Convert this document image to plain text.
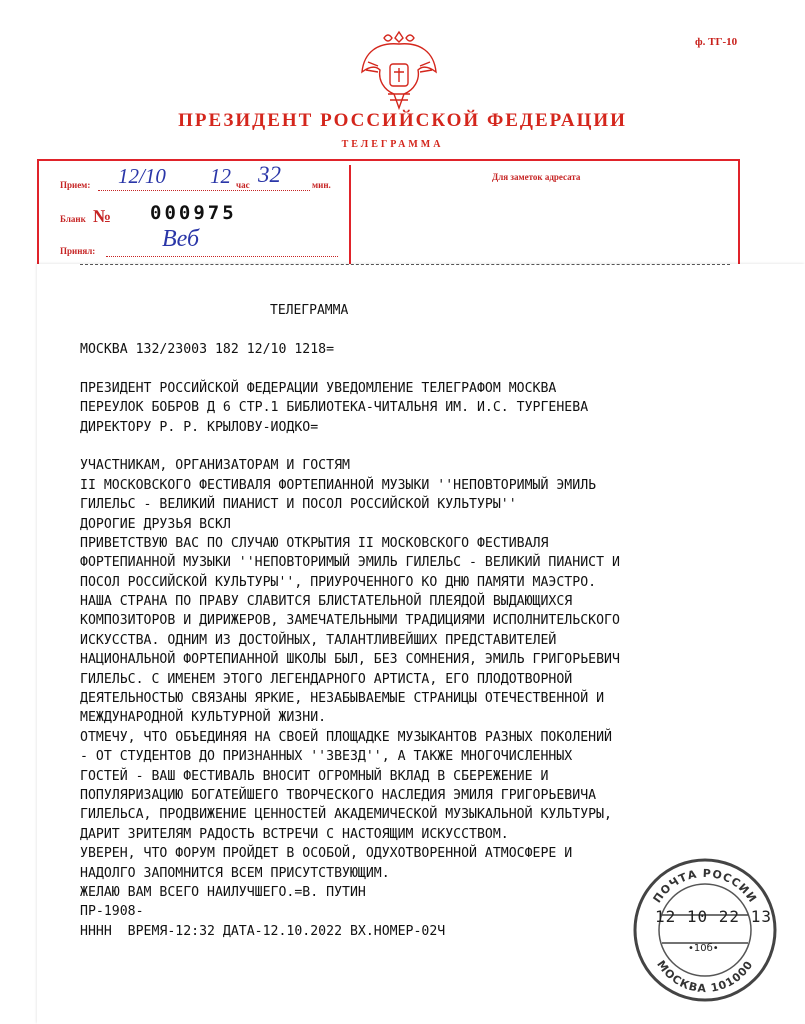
ф. ТГ-10
ПРЕЗИДЕНТ РОССИЙСКОЙ ФЕДЕРАЦИИ
ТЕЛЕГРАММА
Прием: 12/10 12 час 32	мин.
Бланк № 000975
Принял:	Веб
Для заметок адресата
ТЕЛЕГРАММА
МОСКВА 132/23003 182 12/10 1218=
ПРЕЗИДЕНТ РОССИЙСКОЙ ФЕДЕРАЦИИ УВЕДОМЛЕНИЕ ТЕЛЕГРАФОМ МОСКВА
ПЕРЕУЛОК БОБРОВ Д 6 СТР.1 БИБЛИОТЕКА-ЧИТАЛЬНЯ ИМ. И.С. ТУРГЕНЕВА
ДИРЕКТОРУ Р. Р. КРЫЛОВУ-ИОДКО=
УЧАСТНИКАМ, ОРГАНИЗАТОРАМ И ГОСТЯМ
II МОСКОВСКОГО ФЕСТИВАЛЯ ФОРТЕПИАННОЙ МУЗЫКИ ''НЕПОВТОРИМЫЙ ЭМИЛЬ
ГИЛЕЛЬС - ВЕЛИКИЙ ПИАНИСТ И ПОСОЛ РОССИЙСКОЙ КУЛЬТУРЫ''
ДОРОГИЕ ДРУЗЬЯ ВСКЛ
ПРИВЕТСТВУЮ ВАС ПО СЛУЧАЮ ОТКРЫТИЯ II МОСКОВСКОГО ФЕСТИВАЛЯ
ФОРТЕПИАННОЙ МУЗЫКИ ''НЕПОВТОРИМЫЙ ЭМИЛЬ ГИЛЕЛЬС - ВЕЛИКИЙ ПИАНИСТ И
ПОСОЛ РОССИЙСКОЙ КУЛЬТУРЫ'', ПРИУРОЧЕННОГО КО ДНЮ ПАМЯТИ МАЭСТРО.
НАША СТРАНА ПО ПРАВУ СЛАВИТСЯ БЛИСТАТЕЛЬНОЙ ПЛЕЯДОЙ ВЫДАЮЩИХСЯ
КОМПОЗИТОРОВ И ДИРИЖЕРОВ, ЗАМЕЧАТЕЛЬНЫМИ ТРАДИЦИЯМИ ИСПОЛНИТЕЛЬСКОГО
ИСКУССТВА. ОДНИМ ИЗ ДОСТОЙНЫХ, ТАЛАНТЛИВЕЙШИХ ПРЕДСТАВИТЕЛЕЙ
НАЦИОНАЛЬНОЙ ФОРТЕПИАННОЙ ШКОЛЫ БЫЛ, БЕЗ СОМНЕНИЯ, ЭМИЛЬ ГРИГОРЬЕВИЧ
ГИЛЕЛЬС. С ИМЕНЕМ ЭТОГО ЛЕГЕНДАРНОГО АРТИСТА, ЕГО ПЛОДОТВОРНОЙ
ДЕЯТЕЛЬНОСТЬЮ СВЯЗАНЫ ЯРКИЕ, НЕЗАБЫВАЕМЫЕ СТРАНИЦЫ ОТЕЧЕСТВЕННОЙ И
МЕЖДУНАРОДНОЙ КУЛЬТУРНОЙ ЖИЗНИ.
ОТМЕЧУ, ЧТО ОБЪЕДИНЯЯ НА СВОЕЙ ПЛОЩАДКЕ МУЗЫКАНТОВ РАЗНЫХ ПОКОЛЕНИЙ
- ОТ СТУДЕНТОВ ДО ПРИЗНАННЫХ ''ЗВЕЗД'', А ТАКЖЕ МНОГОЧИСЛЕННЫХ
ГОСТЕЙ - ВАШ ФЕСТИВАЛЬ ВНОСИТ ОГРОМНЫЙ ВКЛАД В СБЕРЕЖЕНИЕ И
ПОПУЛЯРИЗАЦИЮ БОГАТЕЙШЕГО ТВОРЧЕСКОГО НАСЛЕДИЯ ЭМИЛЯ ГРИГОРЬЕВИЧА
ГИЛЕЛЬСА, ПРОДВИЖЕНИЕ ЦЕННОСТЕЙ АКАДЕМИЧЕСКОЙ МУЗЫКАЛЬНОЙ КУЛЬТУРЫ,
ДАРИТ ЗРИТЕЛЯМ РАДОСТЬ ВСТРЕЧИ С НАСТОЯЩИМ ИСКУССТВОМ.
УВЕРЕН, ЧТО ФОРУМ ПРОЙДЕТ В ОСОБОЙ, ОДУХОТВОРЕННОЙ АТМОСФЕРЕ И
НАДОЛГО ЗАПОМНИТСЯ ВСЕМ ПРИСУТСТВУЮЩИМ.
ЖЕЛАЮ ВАМ ВСЕГО НАИЛУЧШЕГО.=В. ПУТИН
ПР-1908-
НННН  ВРЕМЯ-12:32 ДАТА-12.10.2022 ВХ.НОМЕР-02Ч
ПОЧТА РОССИИ
МОСКВА 101000
12 10 22 13
•10б•
